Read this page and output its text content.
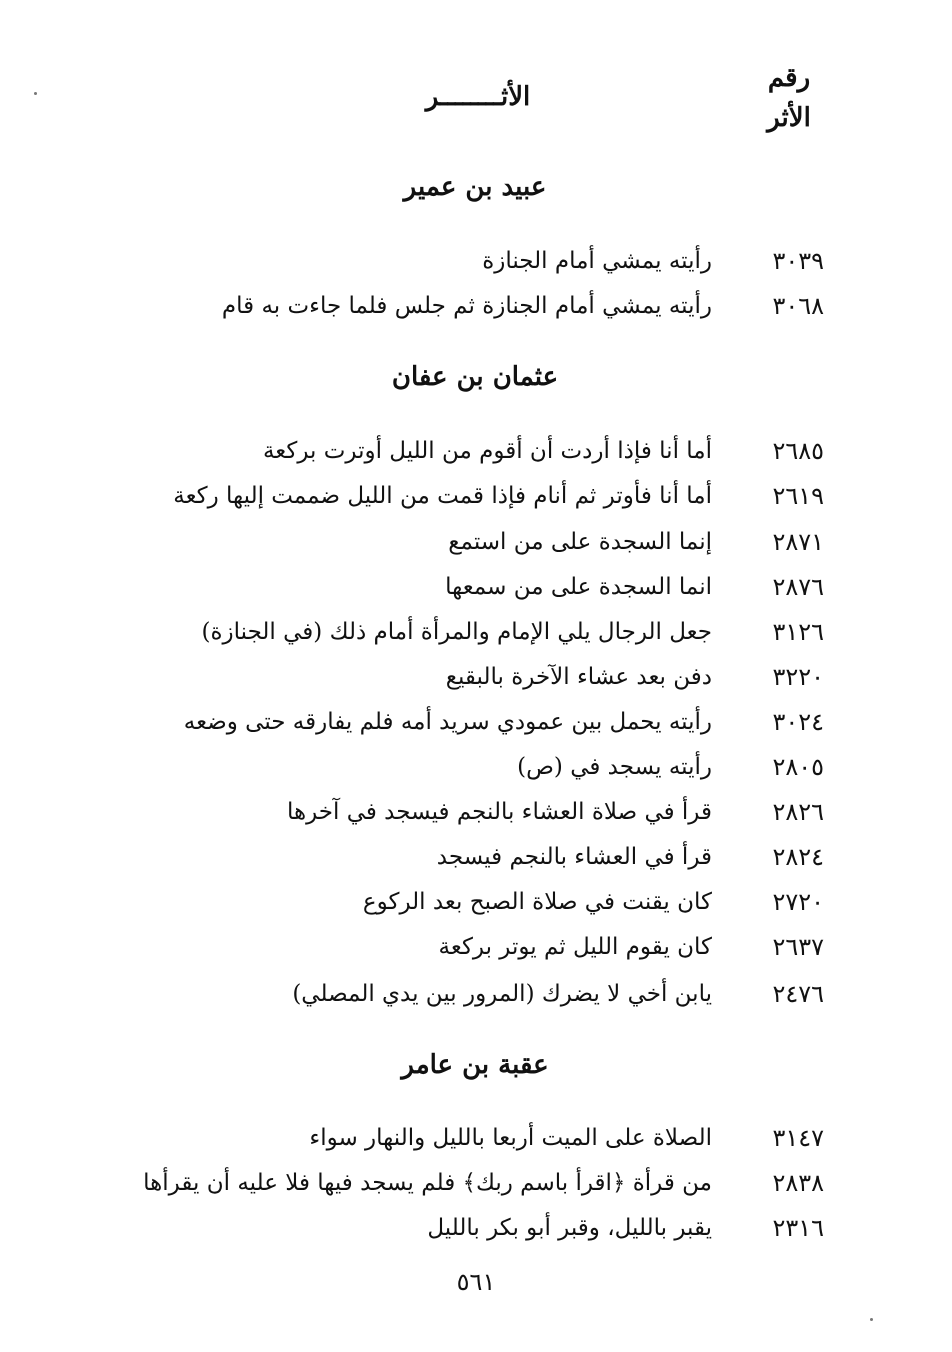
رقم
الأثر
الأثــــــــر
عبيد بن عمير
٣٠٣٩
رأيته يمشي أمام الجنازة
٣٠٦٨
رأيته يمشي أمام الجنازة ثم جلس فلما جاءت به قام
عثمان بن عفان
٢٦٨٥
أما أنا فإذا أردت أن أقوم من الليل أوترت بركعة
٢٦١٩
أما أنا فأوتر ثم أنام فإذا قمت من الليل ضممت إليها ركعة
٢٨٧١
إنما السجدة على من استمع
٢٨٧٦
انما السجدة على من سمعها
٣١٢٦
جعل الرجال يلي الإمام والمرأة أمام ذلك (في الجنازة)
٣٢٢٠
دفن بعد عشاء الآخرة بالبقيع
٣٠٢٤
رأيته يحمل بين عمودي سريد أمه فلم يفارقه حتى وضعه
٢٨٠٥
رأيته يسجد في (ص)
٢٨٢٦
قرأ في صلاة العشاء بالنجم فيسجد في آخرها
٢٨٢٤
قرأ في العشاء بالنجم فيسجد
٢٧٢٠
كان يقنت في صلاة الصبح بعد الركوع
٢٦٣٧
كان يقوم الليل ثم يوتر بركعة
٢٤٧٦
يابن أخي لا يضرك (المرور بين يدي المصلي)
عقبة بن عامر
٣١٤٧
الصلاة على الميت أربعا بالليل والنهار سواء
٢٨٣٨
من قرأة ﴿اقرأ باسم ربك﴾ فلم يسجد فيها فلا عليه أن يقرأها
٢٣١٦
يقبر بالليل، وقبر أبو بكر بالليل
٥٦١
